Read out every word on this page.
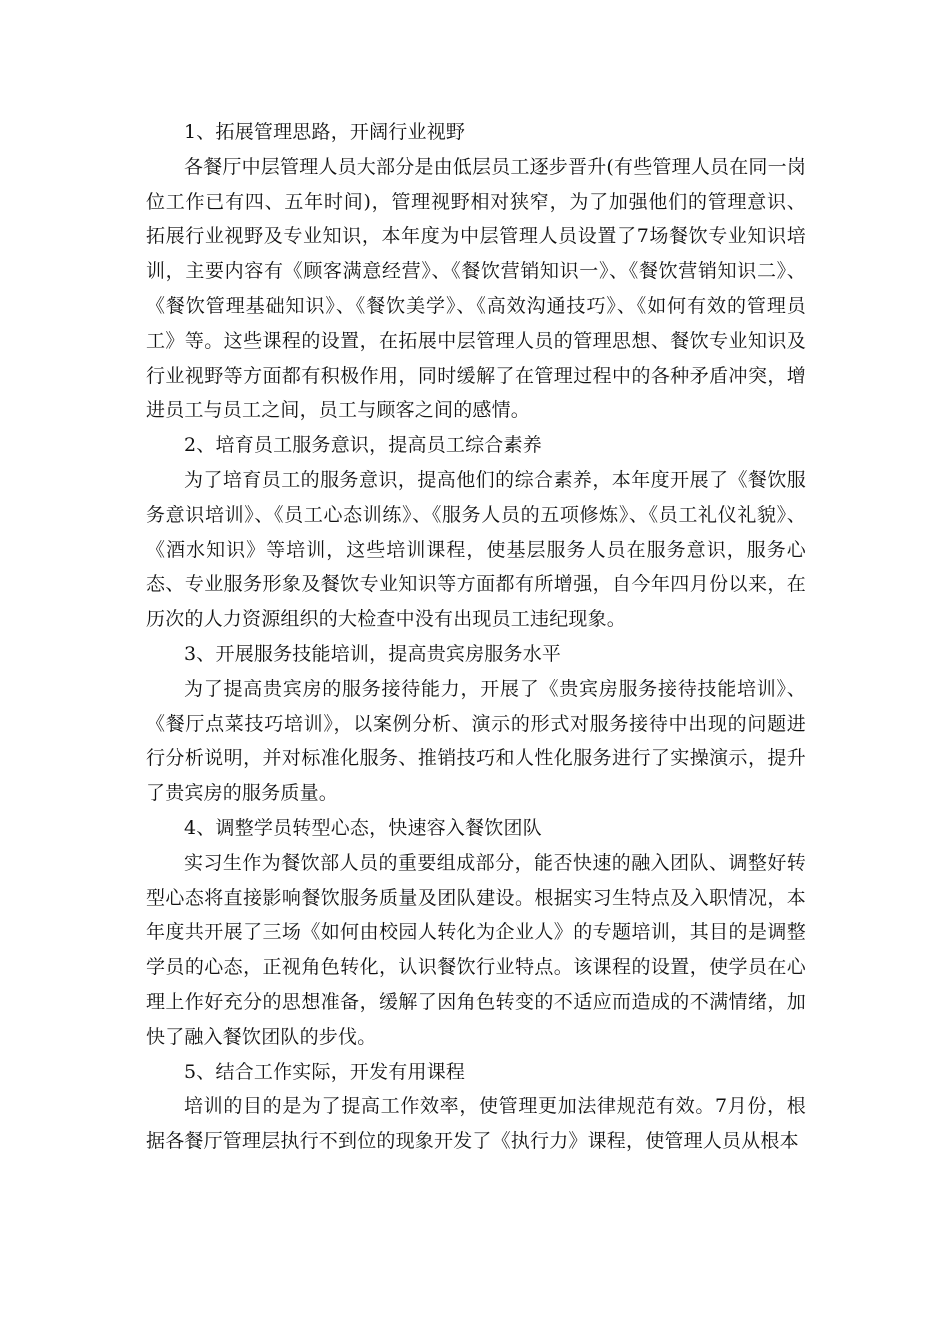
1、拓展管理思路，开阔行业视野

各餐厅中层管理人员大部分是由低层员工逐步晋升(有些管理人员在同一岗位工作已有四、五年时间)，管理视野相对狭窄，为了加强他们的管理意识、拓展行业视野及专业知识，本年度为中层管理人员设置了7场餐饮专业知识培训，主要内容有《顾客满意经营》、《餐饮营销知识一》、《餐饮营销知识二》、《餐饮管理基础知识》、《餐饮美学》、《高效沟通技巧》、《如何有效的管理员工》等。这些课程的设置，在拓展中层管理人员的管理思想、餐饮专业知识及行业视野等方面都有积极作用，同时缓解了在管理过程中的各种矛盾冲突，增进员工与员工之间，员工与顾客之间的感情。

2、培育员工服务意识，提高员工综合素养

为了培育员工的服务意识，提高他们的综合素养，本年度开展了《餐饮服务意识培训》、《员工心态训练》、《服务人员的五项修炼》、《员工礼仪礼貌》、《酒水知识》等培训，这些培训课程，使基层服务人员在服务意识，服务心态、专业服务形象及餐饮专业知识等方面都有所增强，自今年四月份以来，在历次的人力资源组织的大检查中没有出现员工违纪现象。

3、开展服务技能培训，提高贵宾房服务水平

为了提高贵宾房的服务接待能力，开展了《贵宾房服务接待技能培训》、《餐厅点菜技巧培训》，以案例分析、演示的形式对服务接待中出现的问题进行分析说明，并对标准化服务、推销技巧和人性化服务进行了实操演示，提升了贵宾房的服务质量。

4、调整学员转型心态，快速容入餐饮团队

实习生作为餐饮部人员的重要组成部分，能否快速的融入团队、调整好转型心态将直接影响餐饮服务质量及团队建设。根据实习生特点及入职情况，本年度共开展了三场《如何由校园人转化为企业人》的专题培训，其目的是调整学员的心态，正视角色转化，认识餐饮行业特点。该课程的设置，使学员在心理上作好充分的思想准备，缓解了因角色转变的不适应而造成的不满情绪，加快了融入餐饮团队的步伐。

5、结合工作实际，开发有用课程

培训的目的是为了提高工作效率，使管理更加法律规范有效。7月份，根据各餐厅管理层执行不到位的现象开发了《执行力》课程，使管理人员从根本
